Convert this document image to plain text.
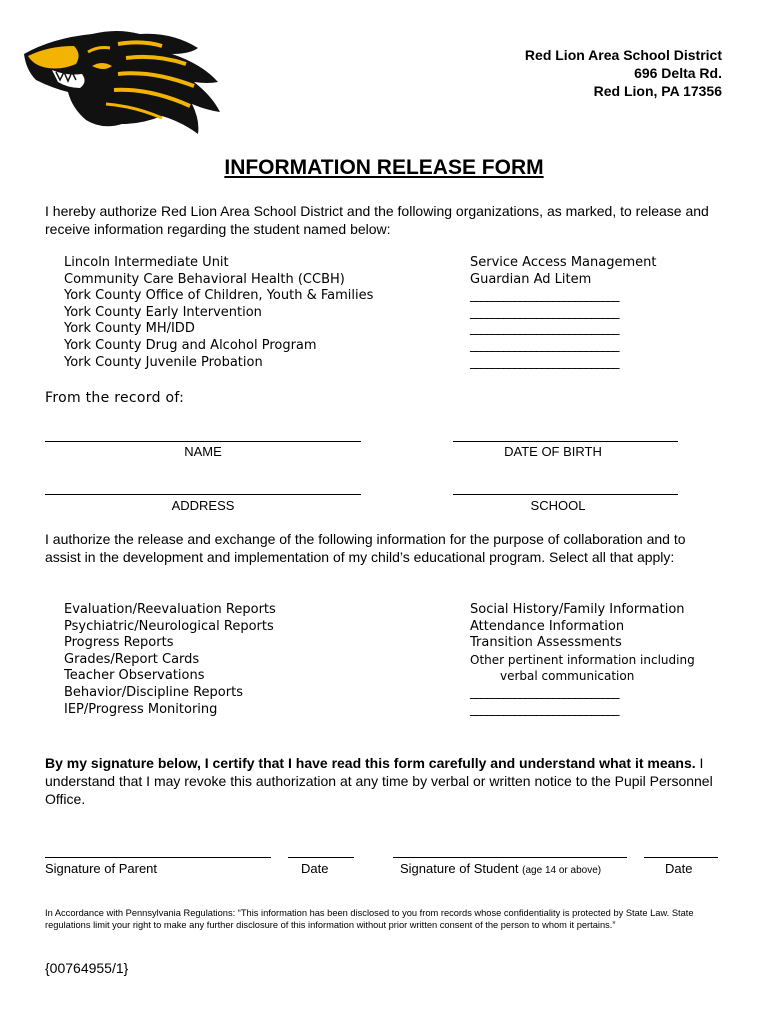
Red Lion Area School District
696 Delta Rd.
Red Lion, PA 17356
INFORMATION RELEASE FORM
I hereby authorize Red Lion Area School District and the following organizations, as marked, to release and receive information regarding the student named below:
Lincoln Intermediate Unit
Community Care Behavioral Health (CCBH)
York County Office of Children, Youth & Families
York County Early Intervention
York County MH/IDD
York County Drug and Alcohol Program
York County Juvenile Probation
Service Access Management
Guardian Ad Litem
___________________________
___________________________
___________________________
___________________________
___________________________
From the record of:
NAME	DATE OF BIRTH
ADDRESS	SCHOOL
I authorize the release and exchange of the following information for the purpose of collaboration and to assist in the development and implementation of my child’s educational program. Select all that apply:
Evaluation/Reevaluation Reports
Psychiatric/Neurological Reports
Progress Reports
Grades/Report Cards
Teacher Observations
Behavior/Discipline Reports
IEP/Progress Monitoring
Social History/Family Information
Attendance Information
Transition Assessments
Other pertinent information including
verbal communication
___________________________
___________________________
By my signature below, I certify that I have read this form carefully and understand what it means. I understand that I may revoke this authorization at any time by verbal or written notice to the Pupil Personnel Office.
Signature of Parent	Date	Signature of Student (age 14 or above)	Date
In Accordance with Pennsylvania Regulations: “This information has been disclosed to you from records whose confidentiality is protected by State Law. State regulations limit your right to make any further disclosure of this information without prior written consent of the person to whom it pertains.”
{00764955/1}
